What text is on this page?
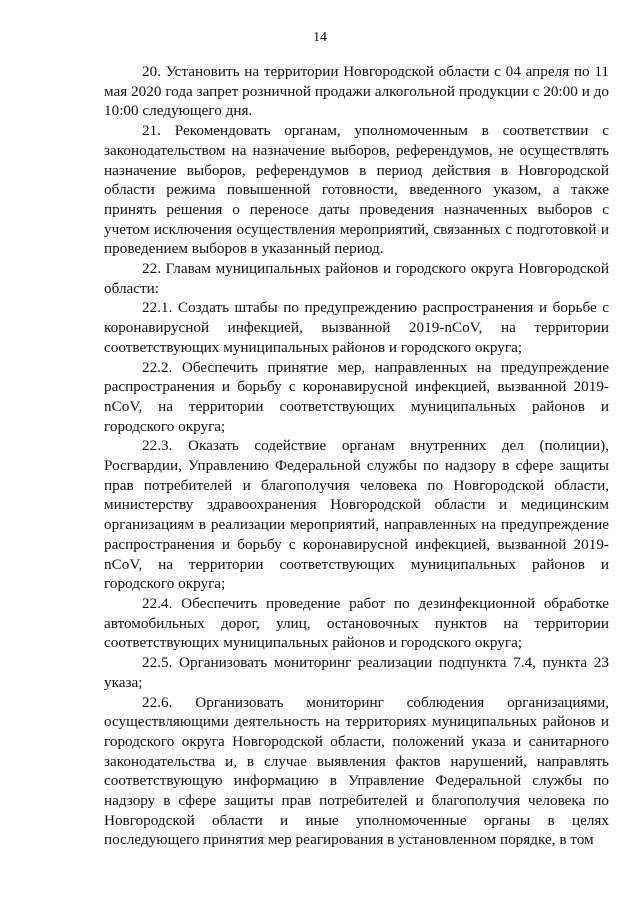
14

20. Установить на территории Новгородской области с 04 апреля по 11 мая 2020 года запрет розничной продажи алкогольной продукции с 20:00 и до 10:00 следующего дня.

21. Рекомендовать органам, уполномоченным в соответствии с законодательством на назначение выборов, референдумов, не осуществлять назначение выборов, референдумов в период действия в Новгородской области режима повышенной готовности, введенного указом, а также принять решения о переносе даты проведения назначенных выборов с учетом исключения осуществления мероприятий, связанных с подготовкой и проведением выборов в указанный период.

22. Главам муниципальных районов и городского округа Новгородской области:

22.1. Создать штабы по предупреждению распространения и борьбе с коронавирусной инфекцией, вызванной 2019-nCoV, на территории соответствующих муниципальных районов и городского округа;

22.2. Обеспечить принятие мер, направленных на предупреждение распространения и борьбу с коронавирусной инфекцией, вызванной 2019-nCoV, на территории соответствующих муниципальных районов и городского округа;

22.3. Оказать содействие органам внутренних дел (полиции), Росгвардии, Управлению Федеральной службы по надзору в сфере защиты прав потребителей и благополучия человека по Новгородской области, министерству здравоохранения Новгородской области и медицинским организациям в реализации мероприятий, направленных на предупреждение распространения и борьбу с коронавирусной инфекцией, вызванной 2019-nCoV, на территории соответствующих муниципальных районов и городского округа;

22.4. Обеспечить проведение работ по дезинфекционной обработке автомобильных дорог, улиц, остановочных пунктов на территории соответствующих муниципальных районов и городского округа;

22.5. Организовать мониторинг реализации подпункта 7.4, пункта 23 указа;

22.6. Организовать мониторинг соблюдения организациями, осуществляющими деятельность на территориях муниципальных районов и городского округа Новгородской области, положений указа и санитарного законодательства и, в случае выявления фактов нарушений, направлять соответствующую информацию в Управление Федеральной службы по надзору в сфере защиты прав потребителей и благополучия человека по Новгородской области и иные уполномоченные органы в целях последующего принятия мер реагирования в установленном порядке, в том
